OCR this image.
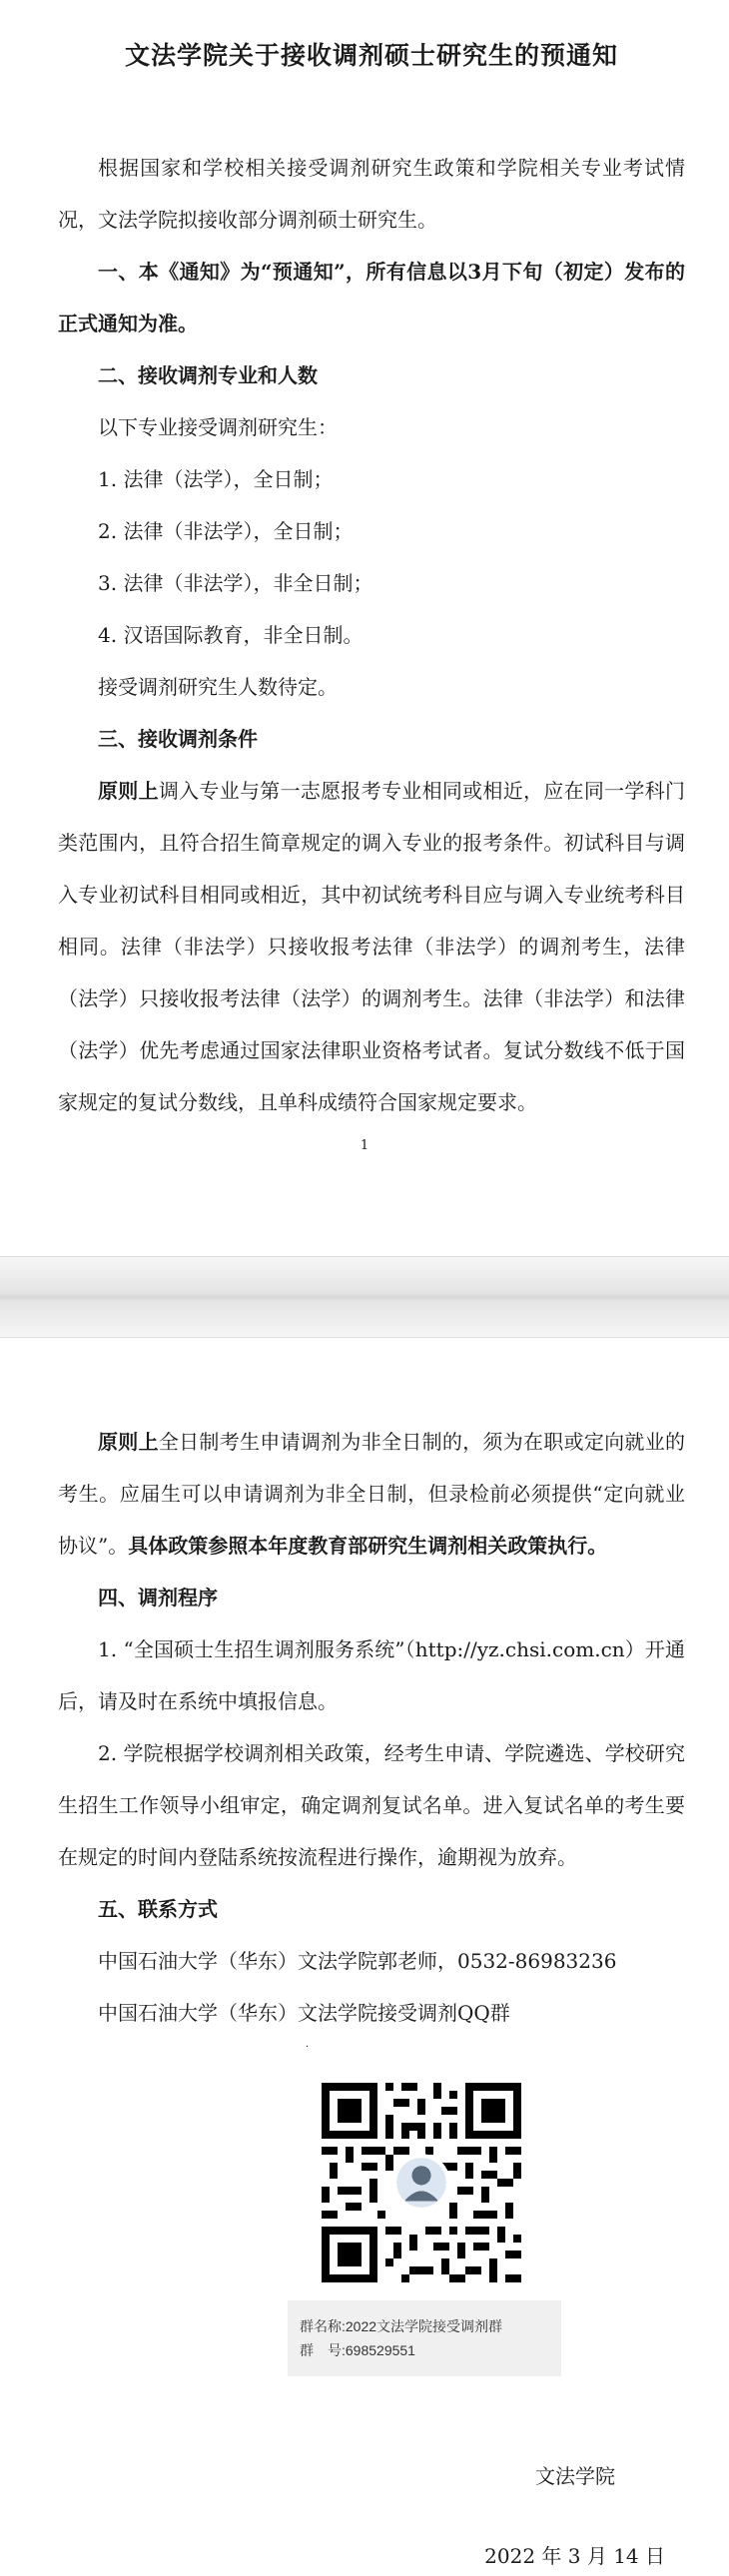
文法学院关于接收调剂硕士研究生的预通知

根据国家和学校相关接受调剂研究生政策和学院相关专业考试情况，文法学院拟接收部分调剂硕士研究生。

一、本《通知》为“预通知”，所有信息以3月下旬（初定）发布的正式通知为准。

二、接收调剂专业和人数

以下专业接受调剂研究生：

1. 法律（法学），全日制；

2. 法律（非法学），全日制；

3. 法律（非法学），非全日制；

4. 汉语国际教育，非全日制。

接受调剂研究生人数待定。

三、接收调剂条件

原则上调入专业与第一志愿报考专业相同或相近，应在同一学科门类范围内，且符合招生简章规定的调入专业的报考条件。初试科目与调入专业初试科目相同或相近，其中初试统考科目应与调入专业统考科目相同。法律（非法学）只接收报考法律（非法学）的调剂考生，法律（法学）只接收报考法律（法学）的调剂考生。法律（非法学）和法律（法学）优先考虑通过国家法律职业资格考试者。复试分数线不低于国家规定的复试分数线，且单科成绩符合国家规定要求。

1

原则上全日制考生申请调剂为非全日制的，须为在职或定向就业的考生。应届生可以申请调剂为非全日制，但录检前必须提供“定向就业协议”。具体政策参照本年度教育部研究生调剂相关政策执行。

四、调剂程序

1. “全国硕士生招生调剂服务系统”（http://yz.chsi.com.cn）开通后，请及时在系统中填报信息。

2. 学院根据学校调剂相关政策，经考生申请、学院遴选、学校研究生招生工作领导小组审定，确定调剂复试名单。进入复试名单的考生要在规定的时间内登陆系统按流程进行操作，逾期视为放弃。

五、联系方式

中国石油大学（华东）文法学院郭老师，0532-86983236

中国石油大学（华东）文法学院接受调剂QQ群

·
群名称:2022文法学院接受调剂群
群　号:698529551
文法学院
2022 年 3 月 14 日
